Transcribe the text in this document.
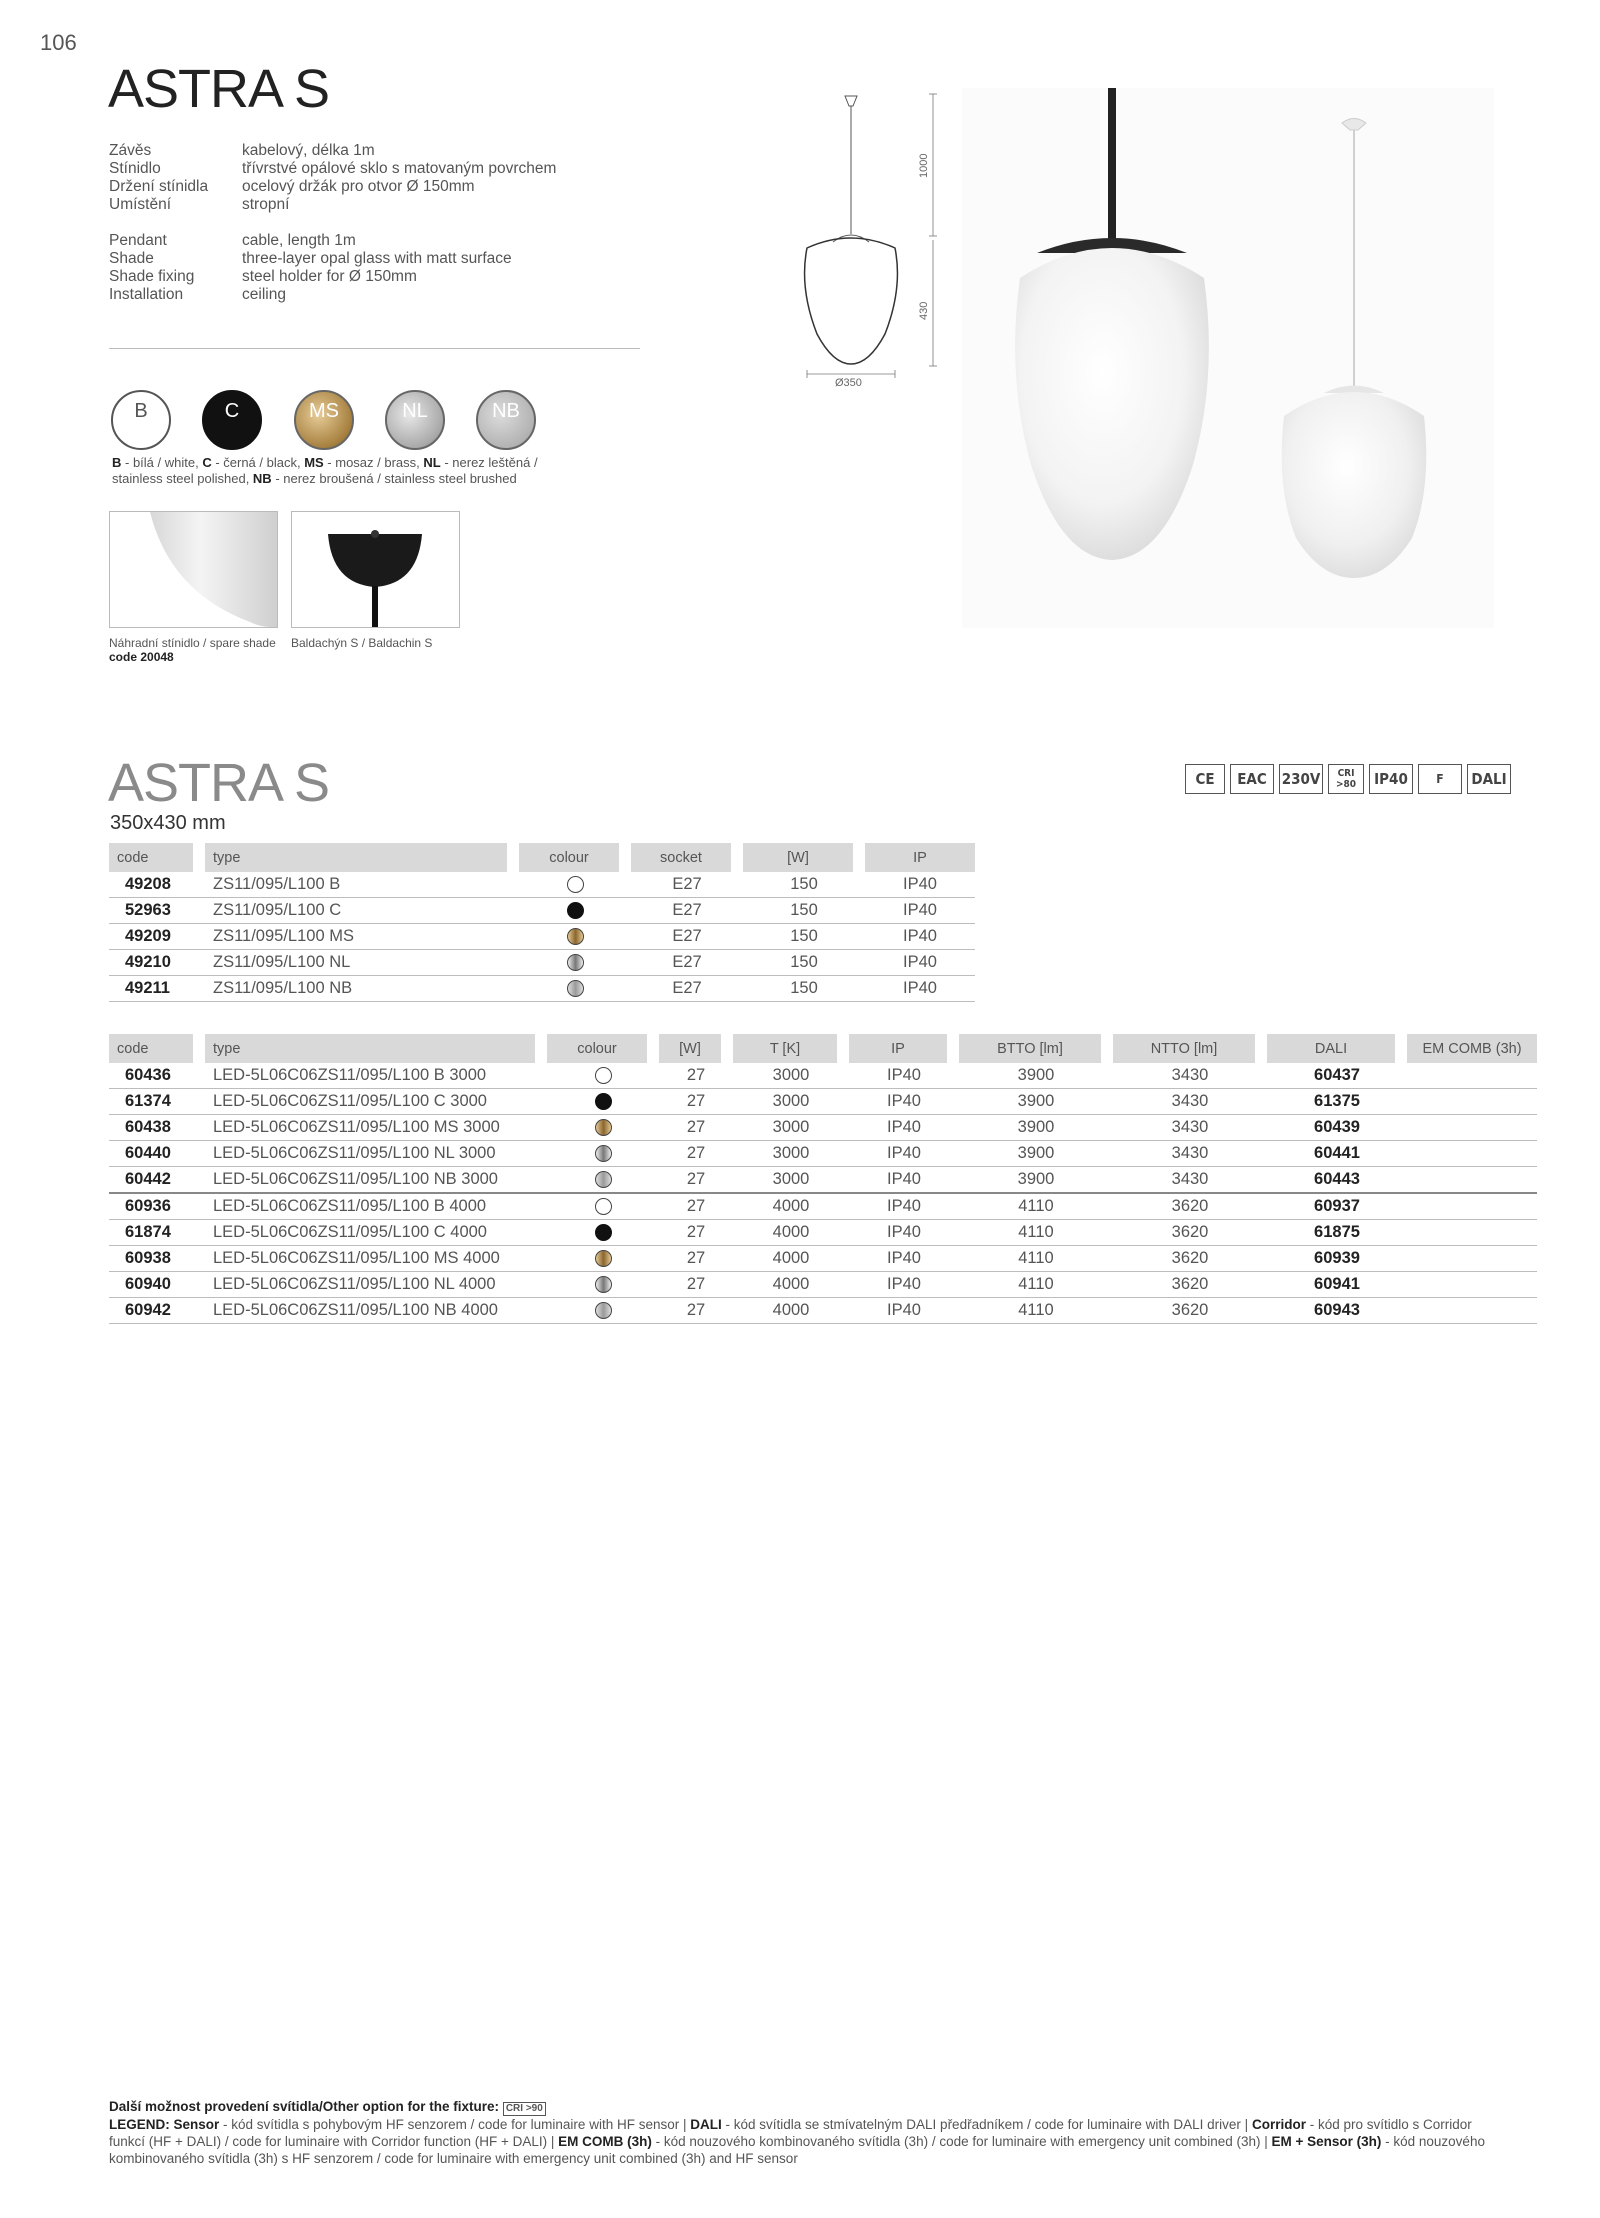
106
ASTRA S
Závěs	kabelový, délka 1m
Stínidlo	třívrstvé opálové sklo s matovaným povrchem
Držení stínidla	ocelový držák pro otvor Ø 150mm
Umístění	stropní
Pendant	cable, length 1m
Shade	three-layer opal glass with matt surface
Shade fixing	steel holder for Ø 150mm
Installation	ceiling
B	C	MS	NL	NB
B - bílá / white, C - černá / black, MS - mosaz / brass, NL - nerez leštěná / stainless steel polished, NB - nerez broušená / stainless steel brushed
Náhradní stínidlo / spare shade
code 20048
Baldachýn S / Baldachin S
1000
430
Ø350
ASTRA S
350x430 mm
CE	EAC 230V	CRI >80	IP40	F	DALI
code	type	colour	socket	[W]	IP
49208	ZS11/095/L100 B		E27	150	IP40
52963	ZS11/095/L100 C		E27	150	IP40
49209	ZS11/095/L100 MS		E27	150	IP40
49210	ZS11/095/L100 NL		E27	150	IP40
49211	ZS11/095/L100 NB		E27	150	IP40
code	type	colour	[W]	T [K]	IP	BTTO [lm]	NTTO [lm]	DALI	EM COMB (3h)
60436	LED-5L06C06ZS11/095/L100 B 3000		27	3000	IP40	3900	3430	60437	
61374	LED-5L06C06ZS11/095/L100 C 3000		27	3000	IP40	3900	3430	61375	
60438	LED-5L06C06ZS11/095/L100 MS 3000		27	3000	IP40	3900	3430	60439	
60440	LED-5L06C06ZS11/095/L100 NL 3000		27	3000	IP40	3900	3430	60441	
60442	LED-5L06C06ZS11/095/L100 NB 3000		27	3000	IP40	3900	3430	60443	
60936	LED-5L06C06ZS11/095/L100 B 4000		27	4000	IP40	4110	3620	60937	
61874	LED-5L06C06ZS11/095/L100 C 4000		27	4000	IP40	4110	3620	61875	
60938	LED-5L06C06ZS11/095/L100 MS 4000		27	4000	IP40	4110	3620	60939	
60940	LED-5L06C06ZS11/095/L100 NL 4000		27	4000	IP40	4110	3620	60941	
60942	LED-5L06C06ZS11/095/L100 NB 4000		27	4000	IP40	4110	3620	60943	
Další možnost provedení svítidla/Other option for the fixture: CRI >90
LEGEND: Sensor - kód svítidla s pohybovým HF senzorem / code for luminaire with HF sensor | DALI - kód svítidla se stmívatelným DALI předřadníkem / code for luminaire with DALI driver | Corridor - kód pro svítidlo s Corridor funkcí (HF + DALI) / code for luminaire with Corridor function (HF + DALI) | EM COMB (3h) - kód nouzového kombinovaného svítidla (3h) / code for luminaire with emergency unit combined (3h) | EM + Sensor (3h) - kód nouzového kombinovaného svítidla (3h) s HF senzorem / code for luminaire with emergency unit combined (3h) and HF sensor
